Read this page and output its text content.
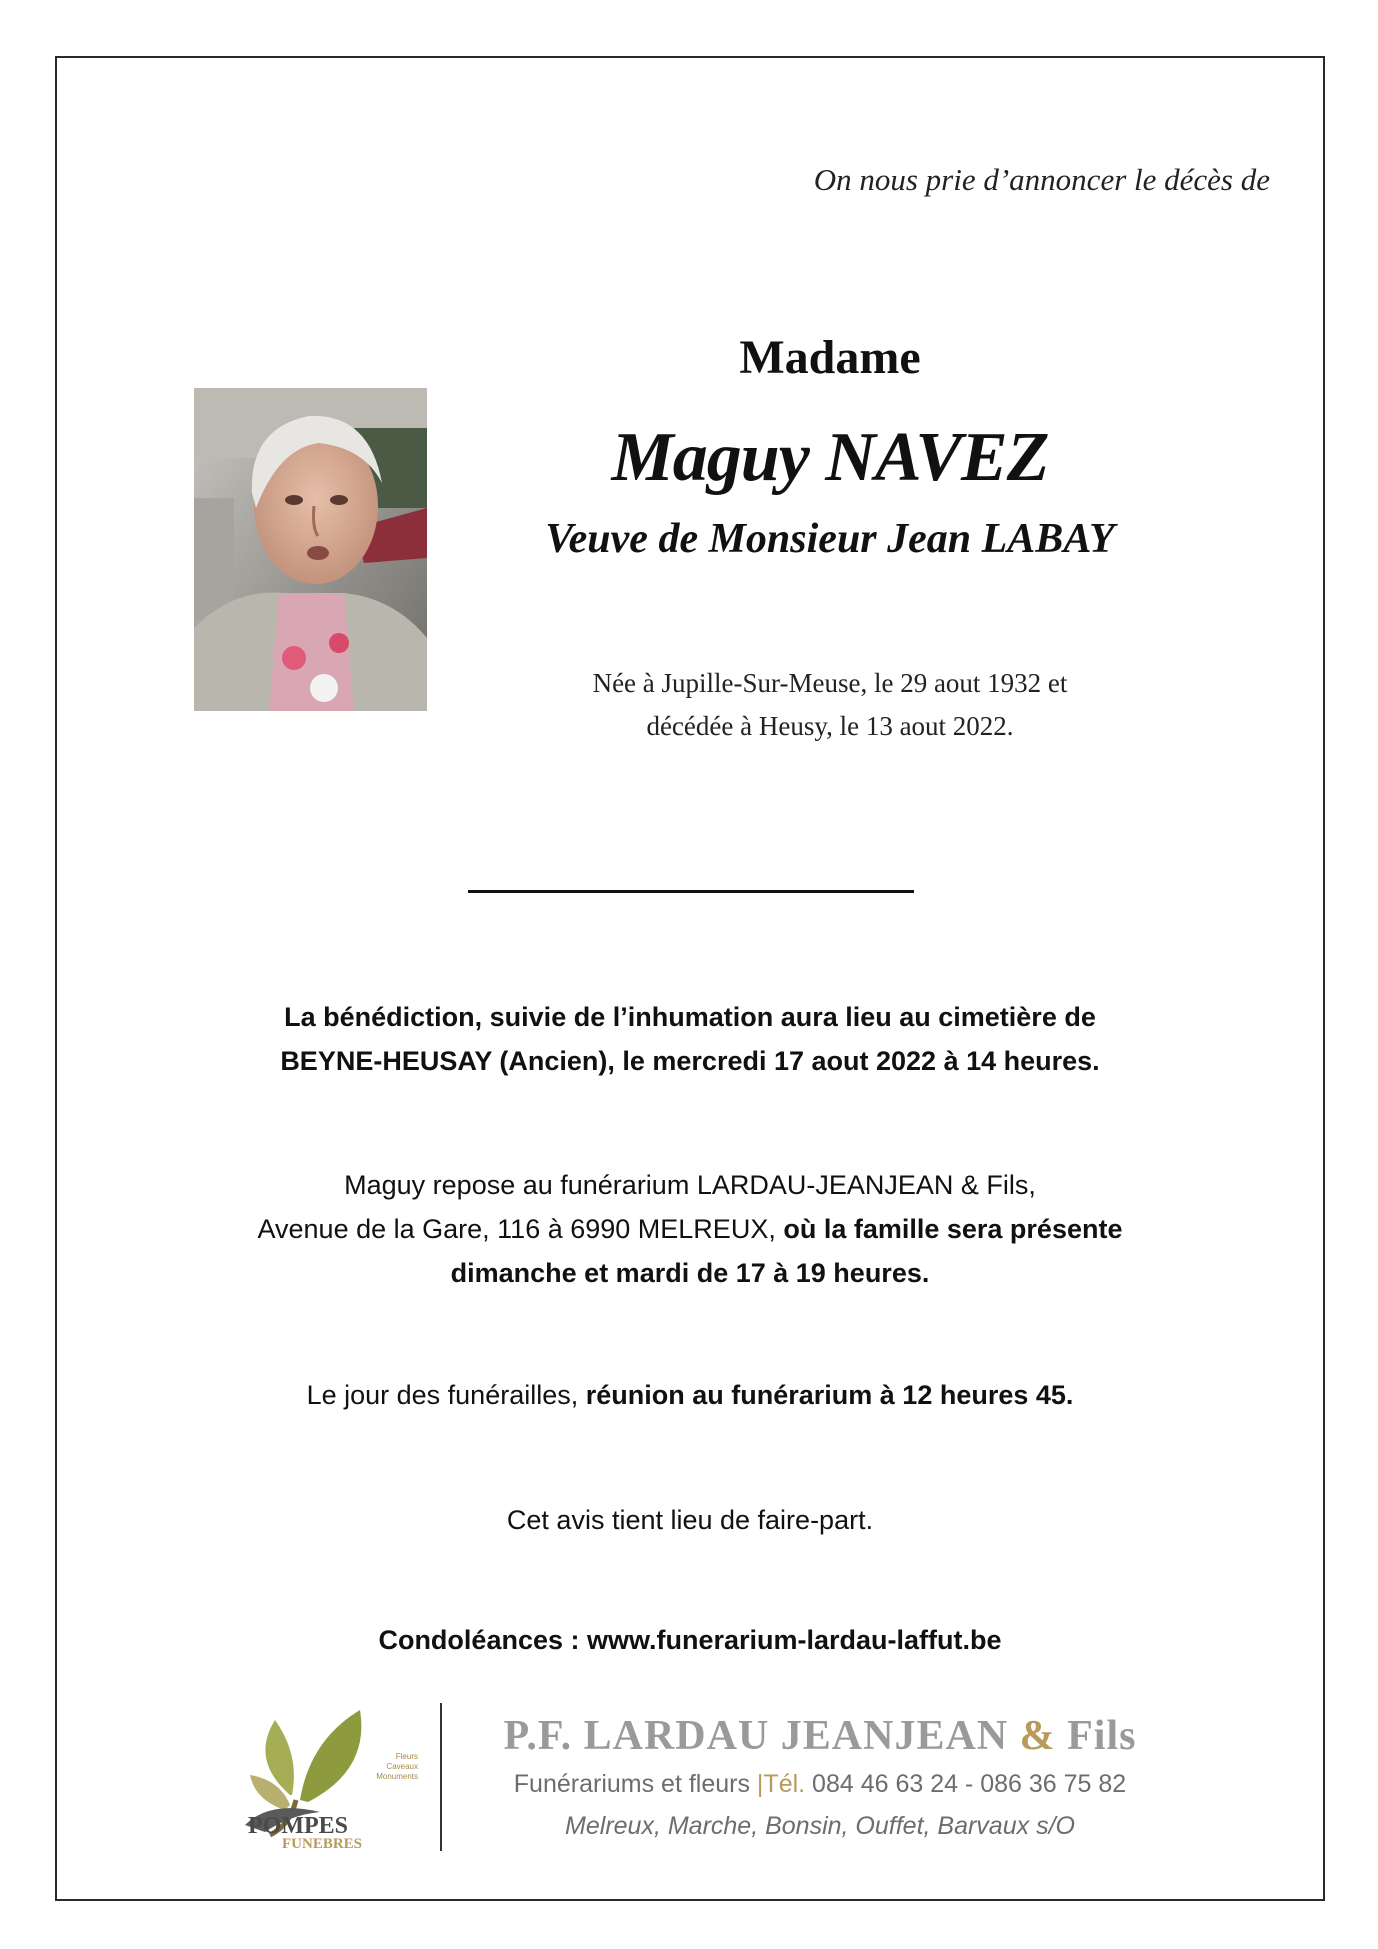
On nous prie d’annoncer le décès de
Madame
Maguy NAVEZ
Veuve de Monsieur Jean LABAY
Née à Jupille-Sur-Meuse, le 29 aout 1932 et
décédée à Heusy, le 13 aout 2022.
La bénédiction, suivie de l’inhumation aura lieu au cimetière de
BEYNE-HEUSAY (Ancien), le mercredi 17 aout 2022 à 14 heures.
Maguy repose au funérarium LARDAU-JEANJEAN & Fils,
Avenue de la Gare, 116 à 6990 MELREUX, où la famille sera présente
dimanche et mardi de 17 à 19 heures.
Le jour des funérailles, réunion au funérarium à 12 heures 45.
Cet avis tient lieu de faire-part.
Condoléances : www.funerarium-lardau-laffut.be
POMPES
FUNEBRES
Fleurs
Caveaux
Monuments
P.F. LARDAU JEANJEAN & Fils
Funérariums et fleurs |Tél. 084 46 63 24 - 086 36 75 82
Melreux, Marche, Bonsin, Ouffet, Barvaux s/O
